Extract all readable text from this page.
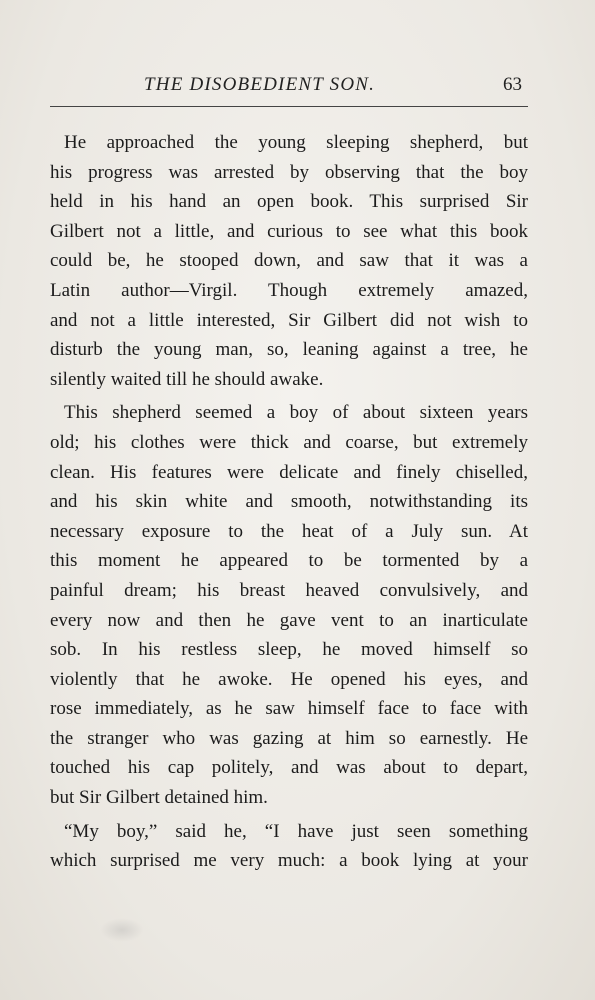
THE DISOBEDIENT SON.	63
He approached the young sleeping shepherd, but
his progress was arrested by observing that the boy
held in his hand an open book. This surprised Sir
Gilbert not a little, and curious to see what this book
could be, he stooped down, and saw that it was a
Latin author—Virgil. Though extremely amazed,
and not a little interested, Sir Gilbert did not wish to
disturb the young man, so, leaning against a tree, he
silently waited till he should awake.
This shepherd seemed a boy of about sixteen years
old; his clothes were thick and coarse, but extremely
clean. His features were delicate and finely chiselled,
and his skin white and smooth, notwithstanding its
necessary exposure to the heat of a July sun. At
this moment he appeared to be tormented by a
painful dream; his breast heaved convulsively, and
every now and then he gave vent to an inarticulate
sob. In his restless sleep, he moved himself so
violently that he awoke. He opened his eyes, and
rose immediately, as he saw himself face to face with
the stranger who was gazing at him so earnestly. He
touched his cap politely, and was about to depart,
but Sir Gilbert detained him.
“My boy,” said he, “I have just seen something
which surprised me very much: a book lying at your
